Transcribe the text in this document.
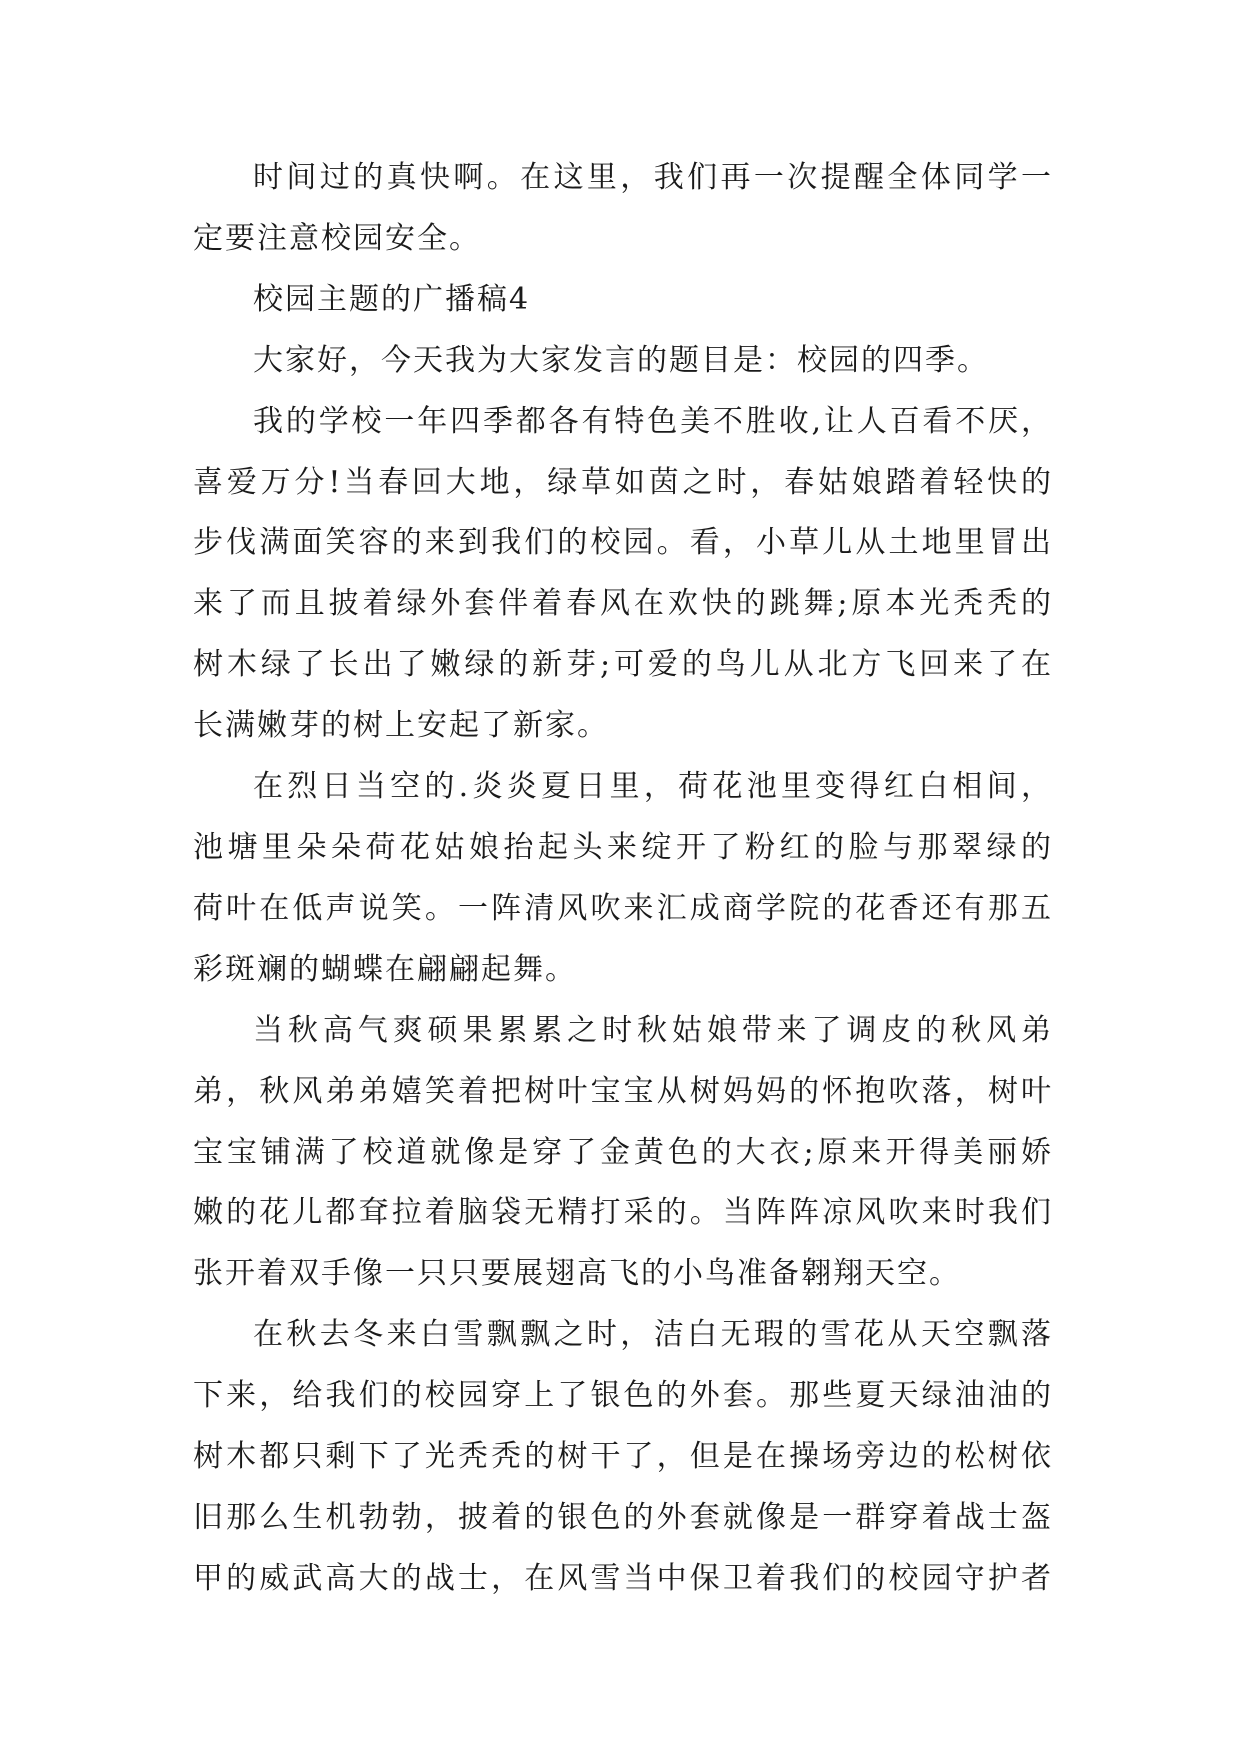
时间过的真快啊。在这里，我们再一次提醒全体同学一
定要注意校园安全。

校园主题的广播稿4

大家好，今天我为大家发言的题目是：校园的四季。

我的学校一年四季都各有特色美不胜收,让人百看不厌，
喜爱万分!当春回大地，绿草如茵之时，春姑娘踏着轻快的
步伐满面笑容的来到我们的校园。看，小草儿从土地里冒出
来了而且披着绿外套伴着春风在欢快的跳舞;原本光秃秃的
树木绿了长出了嫩绿的新芽;可爱的鸟儿从北方飞回来了在
长满嫩芽的树上安起了新家。

在烈日当空的.炎炎夏日里，荷花池里变得红白相间，
池塘里朵朵荷花姑娘抬起头来绽开了粉红的脸与那翠绿的
荷叶在低声说笑。一阵清风吹来汇成商学院的花香还有那五
彩斑斓的蝴蝶在翩翩起舞。

当秋高气爽硕果累累之时秋姑娘带来了调皮的秋风弟
弟，秋风弟弟嬉笑着把树叶宝宝从树妈妈的怀抱吹落，树叶
宝宝铺满了校道就像是穿了金黄色的大衣;原来开得美丽娇
嫩的花儿都耷拉着脑袋无精打采的。当阵阵凉风吹来时我们
张开着双手像一只只要展翅高飞的小鸟准备翱翔天空。

在秋去冬来白雪飘飘之时，洁白无瑕的雪花从天空飘落
下来，给我们的校园穿上了银色的外套。那些夏天绿油油的
树木都只剩下了光秃秃的树干了，但是在操场旁边的松树依
旧那么生机勃勃，披着的银色的外套就像是一群穿着战士盔
甲的威武高大的战士，在风雪当中保卫着我们的校园守护者
